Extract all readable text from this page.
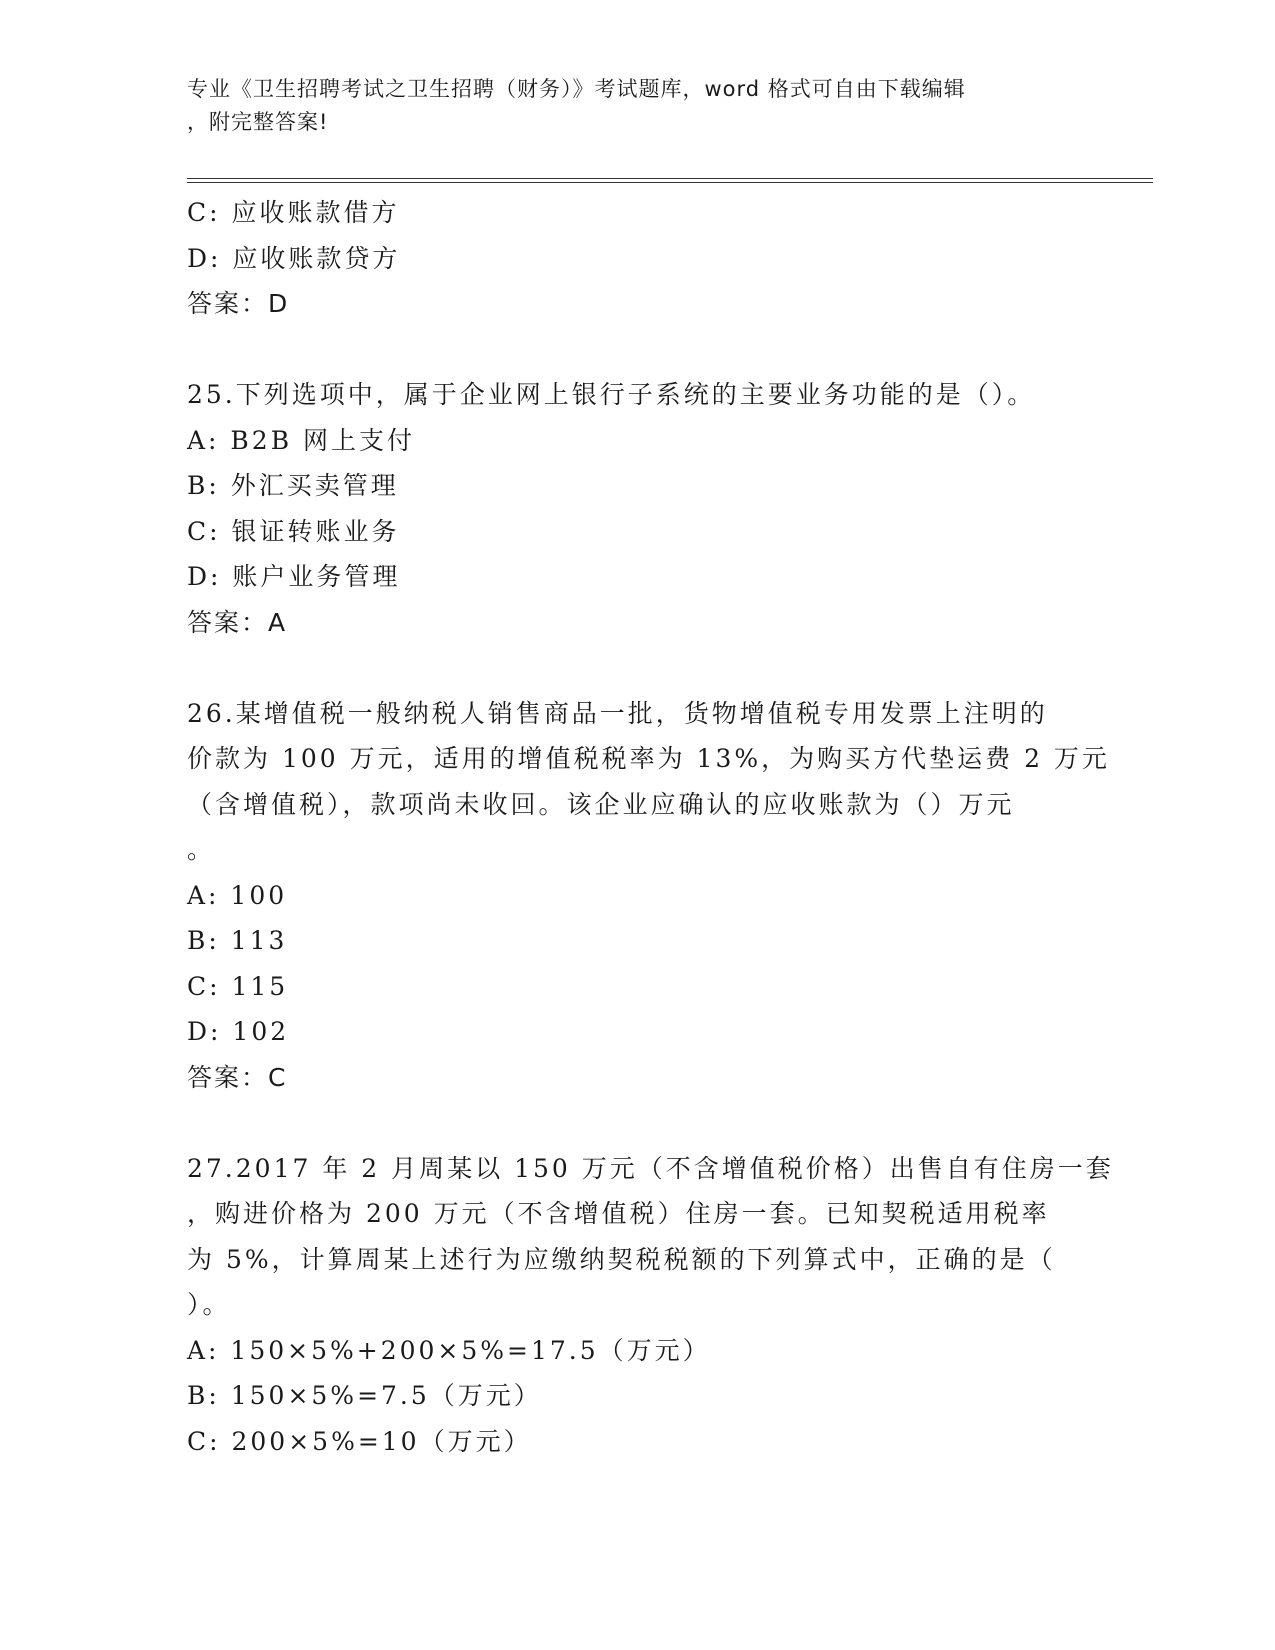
专业《卫生招聘考试之卫生招聘（财务）》考试题库，word 格式可自由下载编辑
，附完整答案!
C: 应收账款借方
D: 应收账款贷方
答案：D
25.下列选项中，属于企业网上银行子系统的主要业务功能的是（）。
A: B2B 网上支付
B: 外汇买卖管理
C: 银证转账业务
D: 账户业务管理
答案：A
26.某增值税一般纳税人销售商品一批，货物增值税专用发票上注明的
价款为 100 万元，适用的增值税税率为 13%，为购买方代垫运费 2 万元
（含增值税），款项尚未收回。该企业应确认的应收账款为（）万元
。
A: 100
B: 113
C: 115
D: 102
答案：C
27.2017 年 2 月周某以 150 万元（不含增值税价格）出售自有住房一套
，购进价格为 200 万元（不含增值税）住房一套。已知契税适用税率
为 5%，计算周某上述行为应缴纳契税税额的下列算式中，正确的是（
）。
A: 150×5%+200×5%=17.5（万元）
B: 150×5%=7.5（万元）
C: 200×5%=10（万元）
